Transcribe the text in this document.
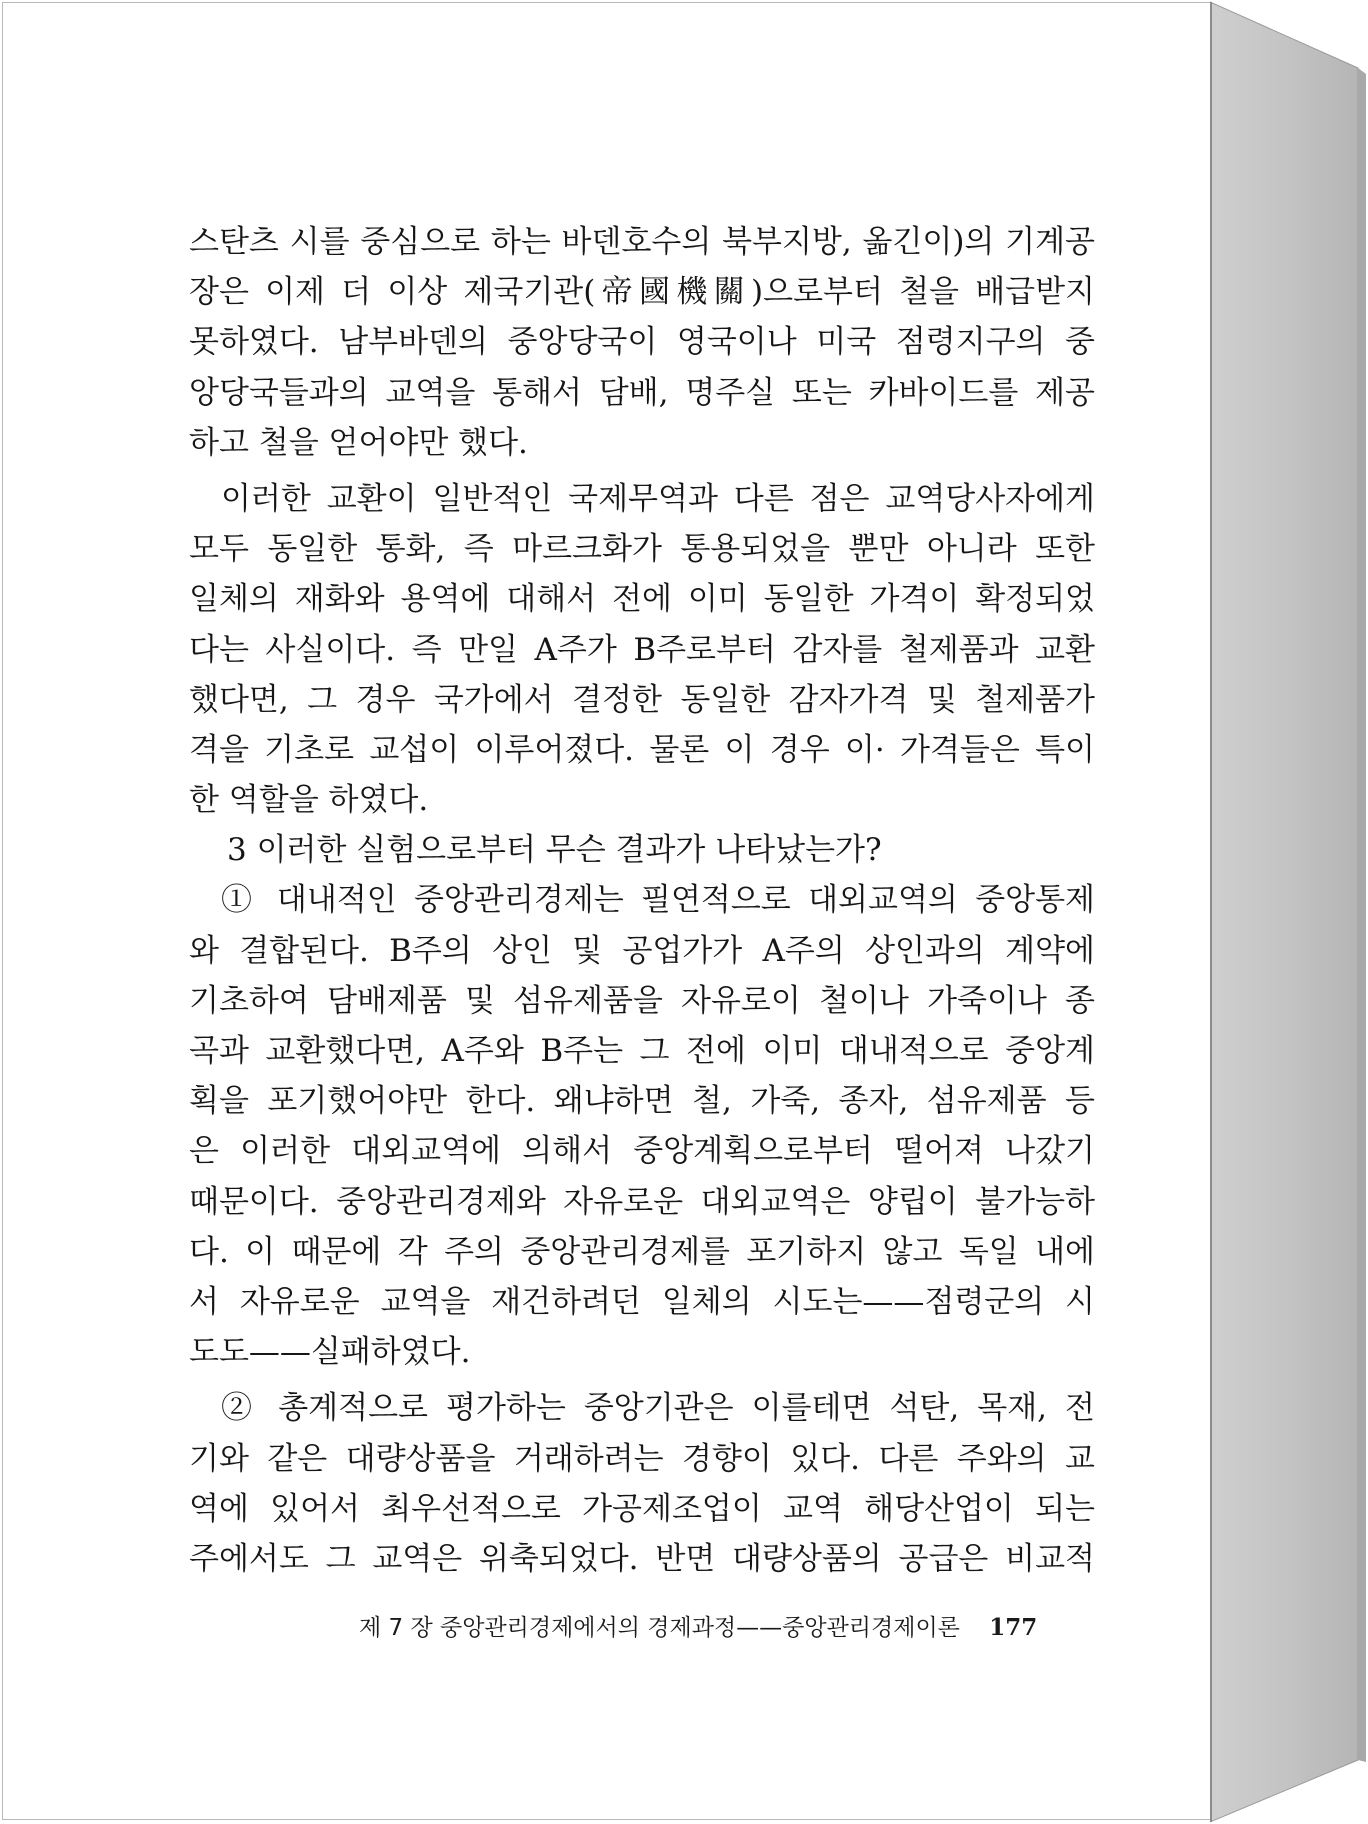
스탄츠 시를 중심으로 하는 바덴호수의 북부지방, 옮긴이)의 기계공
장은 이제 더 이상 제국기관(帝國機關)으로부터 철을 배급받지
못하였다. 남부바덴의 중앙당국이 영국이나 미국 점령지구의 중
앙당국들과의 교역을 통해서 담배, 명주실 또는 카바이드를 제공
하고 철을 얻어야만 했다.
이러한 교환이 일반적인 국제무역과 다른 점은 교역당사자에게
모두 동일한 통화, 즉 마르크화가 통용되었을 뿐만 아니라 또한
일체의 재화와 용역에 대해서 전에 이미 동일한 가격이 확정되었
다는 사실이다. 즉 만일 A주가 B주로부터 감자를 철제품과 교환
했다면, 그 경우 국가에서 결정한 동일한 감자가격 및 철제품가
격을 기초로 교섭이 이루어졌다. 물론 이 경우 이· 가격들은 특이
한 역할을 하였다.
3 이러한 실험으로부터 무슨 결과가 나타났는가?
① 대내적인 중앙관리경제는 필연적으로 대외교역의 중앙통제
와 결합된다. B주의 상인 및 공업가가 A주의 상인과의 계약에
기초하여 담배제품 및 섬유제품을 자유로이 철이나 가죽이나 종
곡과 교환했다면, A주와 B주는 그 전에 이미 대내적으로 중앙계
획을 포기했어야만 한다. 왜냐하면 철, 가죽, 종자, 섬유제품 등
은 이러한 대외교역에 의해서 중앙계획으로부터 떨어져 나갔기
때문이다. 중앙관리경제와 자유로운 대외교역은 양립이 불가능하
다. 이 때문에 각 주의 중앙관리경제를 포기하지 않고 독일 내에
서 자유로운 교역을 재건하려던 일체의 시도는——점령군의 시
도도——실패하였다.
② 총계적으로 평가하는 중앙기관은 이를테면 석탄, 목재, 전
기와 같은 대량상품을 거래하려는 경향이 있다. 다른 주와의 교
역에 있어서 최우선적으로 가공제조업이 교역 해당산업이 되는
주에서도 그 교역은 위축되었다. 반면 대량상품의 공급은 비교적
제 7 장 중앙관리경제에서의 경제과정——중앙관리경제이론 177
